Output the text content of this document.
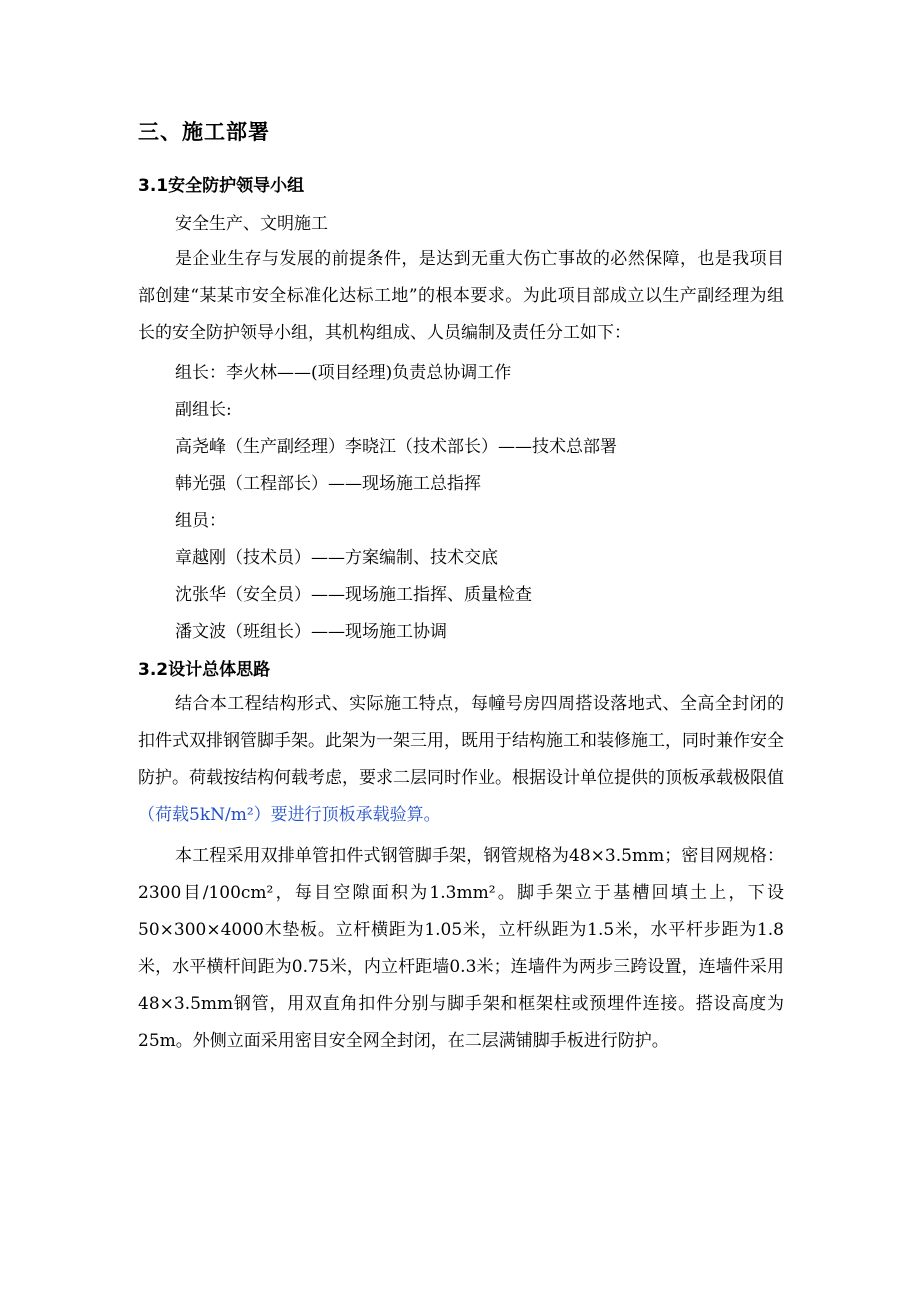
三、施工部署
3.1安全防护领导小组
安全生产、文明施工
是企业生存与发展的前提条件，是达到无重大伤亡事故的必然保障，也是我项目部创建“某某市安全标准化达标工地”的根本要求。为此项目部成立以生产副经理为组长的安全防护领导小组，其机构组成、人员编制及责任分工如下：
组长：李火林——(项目经理)负责总协调工作
副组长:
高尧峰（生产副经理）李晓江（技术部长）——技术总部署
韩光强（工程部长）——现场施工总指挥
组员：
章越刚（技术员）——方案编制、技术交底
沈张华（安全员）——现场施工指挥、质量检查
潘文波（班组长）——现场施工协调
3.2设计总体思路
结合本工程结构形式、实际施工特点，每幢号房四周搭设落地式、全高全封闭的扣件式双排钢管脚手架。此架为一架三用，既用于结构施工和装修施工，同时兼作安全防护。荷载按结构何载考虑，要求二层同时作业。根据设计单位提供的顶板承载极限值（荷载5kN/m²）要进行顶板承载验算。
本工程采用双排单管扣件式钢管脚手架，钢管规格为48×3.5mm；密目网规格：2300目/100cm²，每目空隙面积为1.3mm²。脚手架立于基槽回填土上，下设50×300×4000木垫板。立杆横距为1.05米，立杆纵距为1.5米，水平杆步距为1.8米，水平横杆间距为0.75米，内立杆距墙0.3米；连墙件为两步三跨设置，连墙件采用48×3.5mm钢管，用双直角扣件分别与脚手架和框架柱或预埋件连接。搭设高度为25m。外侧立面采用密目安全网全封闭，在二层满铺脚手板进行防护。
